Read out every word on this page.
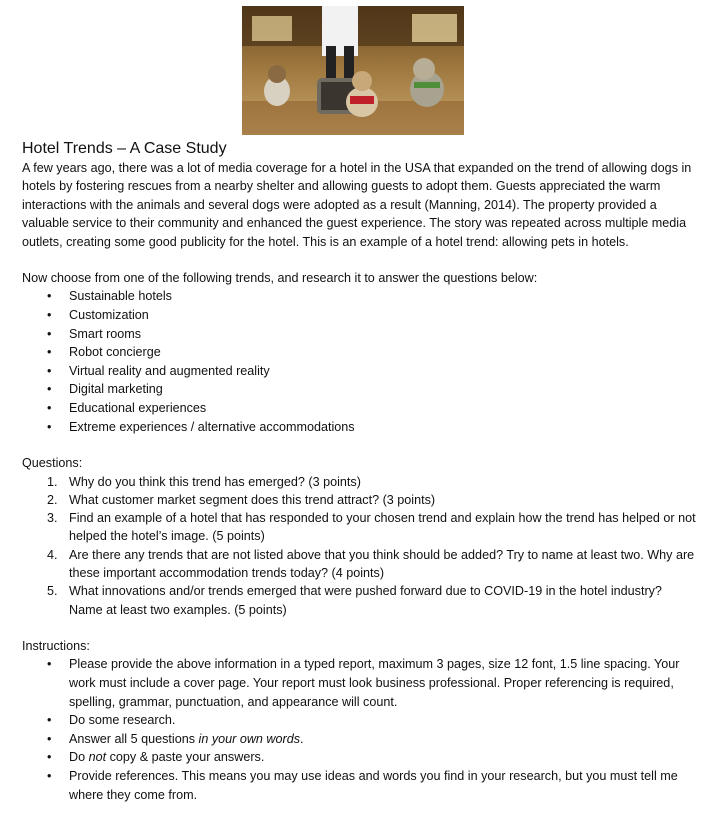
Hotel Trends – A Case Study

A few years ago, there was a lot of media coverage for a hotel in the USA that expanded on the trend of allowing dogs in hotels by fostering rescues from a nearby shelter and allowing guests to adopt them. Guests appreciated the warm interactions with the animals and several dogs were adopted as a result (Manning, 2014). The property provided a valuable service to their community and enhanced the guest experience. The story was repeated across multiple media outlets, creating some good publicity for the hotel. This is an example of a hotel trend: allowing pets in hotels.

Now choose from one of the following trends, and research it to answer the questions below:

• Sustainable hotels
• Customization
• Smart rooms
• Robot concierge
• Virtual reality and augmented reality
• Digital marketing
• Educational experiences
• Extreme experiences / alternative accommodations

Questions:

1. Why do you think this trend has emerged? (3 points)
2. What customer market segment does this trend attract? (3 points)
3. Find an example of a hotel that has responded to your chosen trend and explain how the trend has helped or not helped the hotel’s image. (5 points)
4. Are there any trends that are not listed above that you think should be added? Try to name at least two. Why are these important accommodation trends today? (4 points)
5. What innovations and/or trends emerged that were pushed forward due to COVID-19 in the hotel industry? Name at least two examples. (5 points)

Instructions:

• Please provide the above information in a typed report, maximum 3 pages, size 12 font, 1.5 line spacing. Your work must include a cover page. Your report must look business professional. Proper referencing is required, spelling, grammar, punctuation, and appearance will count.
• Do some research.
• Answer all 5 questions in your own words.
• Do not copy & paste your answers.
• Provide references. This means you may use ideas and words you find in your research, but you must tell me where they come from.
